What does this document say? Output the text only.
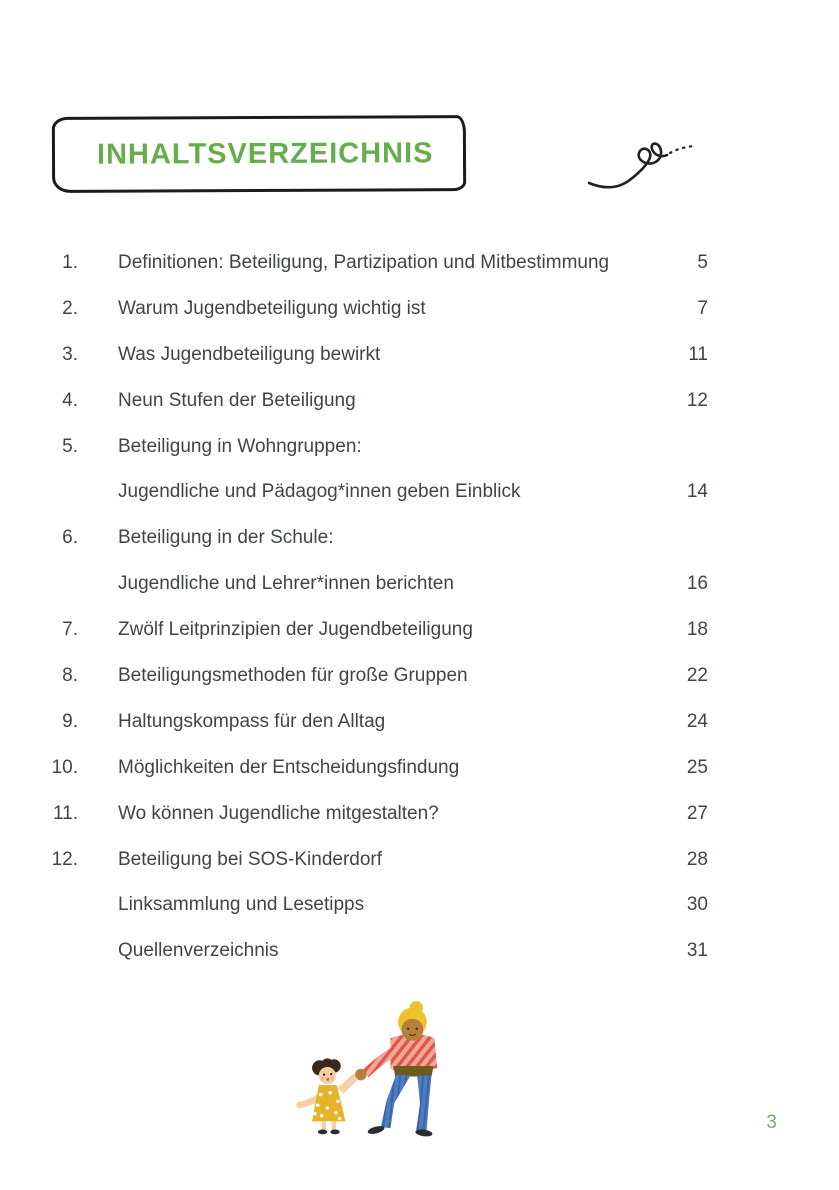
INHALTSVERZEICHNIS
1.	Definitionen: Beteiligung, Partizipation und Mitbestimmung	5
2.	Warum Jugendbeteiligung wichtig ist	7
3.	Was Jugendbeteiligung bewirkt	11
4.	Neun Stufen der Beteiligung	12
5.	Beteiligung in Wohngruppen:
Jugendliche und Pädagog*innen geben Einblick	14
6.	Beteiligung in der Schule:
Jugendliche und Lehrer*innen berichten	16
7.	Zwölf Leitprinzipien der Jugendbeteiligung	18
8.	Beteiligungsmethoden für große Gruppen	22
9.	Haltungskompass für den Alltag	24
10.	Möglichkeiten der Entscheidungsfindung	25
11.	Wo können Jugendliche mitgestalten?	27
12.	Beteiligung bei SOS-Kinderdorf	28
Linksammlung und Lesetipps	30
Quellenverzeichnis	31
3
